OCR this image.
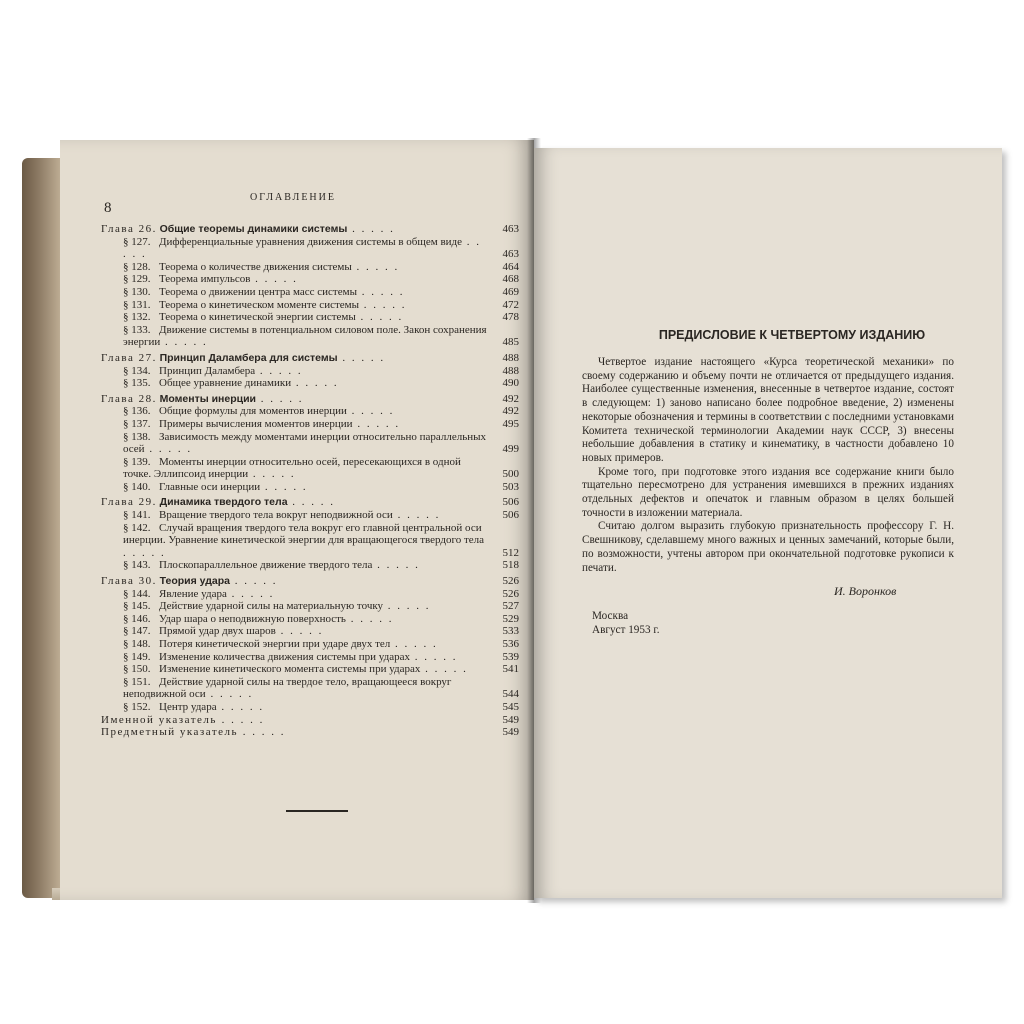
8
ОГЛАВЛЕНИЕ
Глава 26. Общие теоремы динамики системы . . . . .	463
§ 127. Дифференциальные уравнения движения системы в общем виде . . . . .	463
§ 128. Теорема о количестве движения системы . . . . .	464
§ 129. Теорема импульсов . . . . .	468
§ 130. Теорема о движении центра масс системы . . . . .	469
§ 131. Теорема о кинетическом моменте системы . . . . .	472
§ 132. Теорема о кинетической энергии системы . . . . .	478
§ 133. Движение системы в потенциальном силовом поле. Закон сохранения энергии . . . . .	485
Глава 27. Принцип Даламбера для системы . . . . .	488
§ 134. Принцип Даламбера . . . . .	488
§ 135. Общее уравнение динамики . . . . .	490
Глава 28. Моменты инерции . . . . .	492
§ 136. Общие формулы для моментов инерции . . . . .	492
§ 137. Примеры вычисления моментов инерции . . . . .	495
§ 138. Зависимость между моментами инерции относительно параллельных осей . . . . .	499
§ 139. Моменты инерции относительно осей, пересекающихся в одной точке. Эллипсоид инерции . . . . .	500
§ 140. Главные оси инерции . . . . .	503
Глава 29. Динамика твердого тела . . . . .	506
§ 141. Вращение твердого тела вокруг неподвижной оси . . . . .	506
§ 142. Случай вращения твердого тела вокруг его главной центральной оси инерции. Уравнение кинетической энергии для вращающегося твердого тела . . . . .	512
§ 143. Плоскопараллельное движение твердого тела . . . . .	518
Глава 30. Теория удара . . . . .	526
§ 144. Явление удара . . . . .	526
§ 145. Действие ударной силы на материальную точку . . . . .	527
§ 146. Удар шара о неподвижную поверхность . . . . .	529
§ 147. Прямой удар двух шаров . . . . .	533
§ 148. Потеря кинетической энергии при ударе двух тел . . . . .	536
§ 149. Изменение количества движения системы при ударах . . . . .	539
§ 150. Изменение кинетического момента системы при ударах . . . . .	541
§ 151. Действие ударной силы на твердое тело, вращающееся вокруг неподвижной оси . . . . .	544
§ 152. Центр удара . . . . .	545
Именной указатель . . . . .	549
Предметный указатель . . . . .	549
ПРЕДИСЛОВИЕ К ЧЕТВЕРТОМУ ИЗДАНИЮ

Четвертое издание настоящего «Курса теоретической механики» по своему содержанию и объему почти не отличается от предыдущего издания. Наиболее существенные изменения, внесенные в четвертое издание, состоят в следующем: 1) заново написано более подробное введение, 2) изменены некоторые обозначения и термины в соответствии с последними установками Комитета технической терминологии Академии наук СССР, 3) внесены небольшие добавления в статику и кинематику, в частности добавлено 10 новых примеров.

Кроме того, при подготовке этого издания все содержание книги было тщательно пересмотрено для устранения имевшихся в прежних изданиях отдельных дефектов и опечаток и главным образом в целях большей точности в изложении материала.

Считаю долгом выразить глубокую признательность профессору Г. Н. Свешникову, сделавшему много важных и ценных замечаний, которые были, по возможности, учтены автором при окончательной подготовке рукописи к печати.

И. Воронков
Москва
Август 1953 г.
